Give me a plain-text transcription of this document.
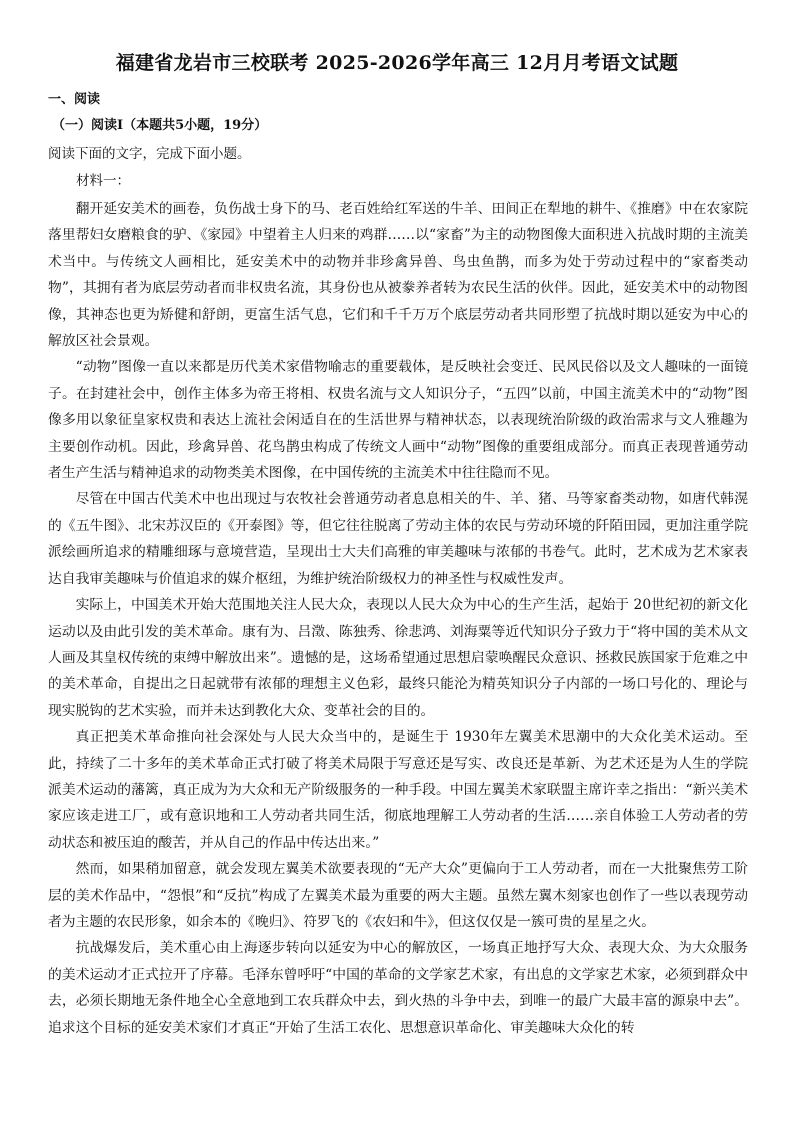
福建省龙岩市三校联考 2025-2026学年高三 12月月考语文试题
一、阅读
（一）阅读Ⅰ（本题共5小题，19分）
阅读下面的文字，完成下面小题。
材料一：

翻开延安美术的画卷，负伤战士身下的马、老百姓给红军送的牛羊、田间正在犁地的耕牛、《推磨》中在农家院落里帮妇女磨粮食的驴、《家园》中望着主人归来的鸡群……以“家畜”为主的动物图像大面积进入抗战时期的主流美术当中。与传统文人画相比，延安美术中的动物并非珍禽异兽、鸟虫鱼鹊，而多为处于劳动过程中的“家畜类动物”，其拥有者为底层劳动者而非权贵名流，其身份也从被豢养者转为农民生活的伙伴。因此，延安美术中的动物图像，其神态也更为矫健和舒朗，更富生活气息，它们和千千万万个底层劳动者共同形塑了抗战时期以延安为中心的解放区社会景观。

“动物”图像一直以来都是历代美术家借物喻志的重要载体，是反映社会变迁、民风民俗以及文人趣味的一面镜子。在封建社会中，创作主体多为帝王将相、权贵名流与文人知识分子，“五四”以前，中国主流美术中的“动物”图像多用以象征皇家权贵和表达上流社会闲适自在的生活世界与精神状态，以表现统治阶级的政治需求与文人雅趣为主要创作动机。因此，珍禽异兽、花鸟鹊虫构成了传统文人画中“动物”图像的重要组成部分。而真正表现普通劳动者生产生活与精神追求的动物类美术图像，在中国传统的主流美术中往往隐而不见。

尽管在中国古代美术中也出现过与农牧社会普通劳动者息息相关的牛、羊、猪、马等家畜类动物，如唐代韩滉的《五牛图》、北宋苏汉臣的《开泰图》等，但它往往脱离了劳动主体的农民与劳动环境的阡陌田园，更加注重学院派绘画所追求的精雕细琢与意境营造，呈现出士大夫们高雅的审美趣味与浓郁的书卷气。此时，艺术成为艺术家表达自我审美趣味与价值追求的媒介枢纽，为维护统治阶级权力的神圣性与权威性发声。

实际上，中国美术开始大范围地关注人民大众，表现以人民大众为中心的生产生活，起始于 20世纪初的新文化运动以及由此引发的美术革命。康有为、吕澂、陈独秀、徐悲鸿、刘海粟等近代知识分子致力于“将中国的美术从文人画及其皇权传统的束缚中解放出来”。遗憾的是，这场希望通过思想启蒙唤醒民众意识、拯救民族国家于危难之中的美术革命，自提出之日起就带有浓郁的理想主义色彩，最终只能沦为精英知识分子内部的一场口号化的、理论与现实脱钩的艺术实验，而并未达到教化大众、变革社会的目的。

真正把美术革命推向社会深处与人民大众当中的，是诞生于 1930年左翼美术思潮中的大众化美术运动。至此，持续了二十多年的美术革命正式打破了将美术局限于写意还是写实、改良还是革新、为艺术还是为人生的学院派美术运动的藩篱，真正成为为大众和无产阶级服务的一种手段。中国左翼美术家联盟主席许幸之指出：“新兴美术家应该走进工厂，或有意识地和工人劳动者共同生活，彻底地理解工人劳动者的生活……亲自体验工人劳动者的劳动状态和被压迫的酸苦，并从自己的作品中传达出来。”

然而，如果稍加留意，就会发现左翼美术欲要表现的“无产大众”更偏向于工人劳动者，而在一大批聚焦劳工阶层的美术作品中，“怨恨”和“反抗”构成了左翼美术最为重要的两大主题。虽然左翼木刻家也创作了一些以表现劳动者为主题的农民形象，如余本的《晚归》、符罗飞的《农妇和牛》，但这仅仅是一簇可贵的星星之火。

抗战爆发后，美术重心由上海逐步转向以延安为中心的解放区，一场真正地抒写大众、表现大众、为大众服务的美术运动才正式拉开了序幕。毛泽东曾呼吁“中国的革命的文学家艺术家，有出息的文学家艺术家，必须到群众中去，必须长期地无条件地全心全意地到工农兵群众中去，到火热的斗争中去，到唯一的最广大最丰富的源泉中去”。追求这个目标的延安美术家们才真正“开始了生活工农化、思想意识革命化、审美趣味大众化的转
